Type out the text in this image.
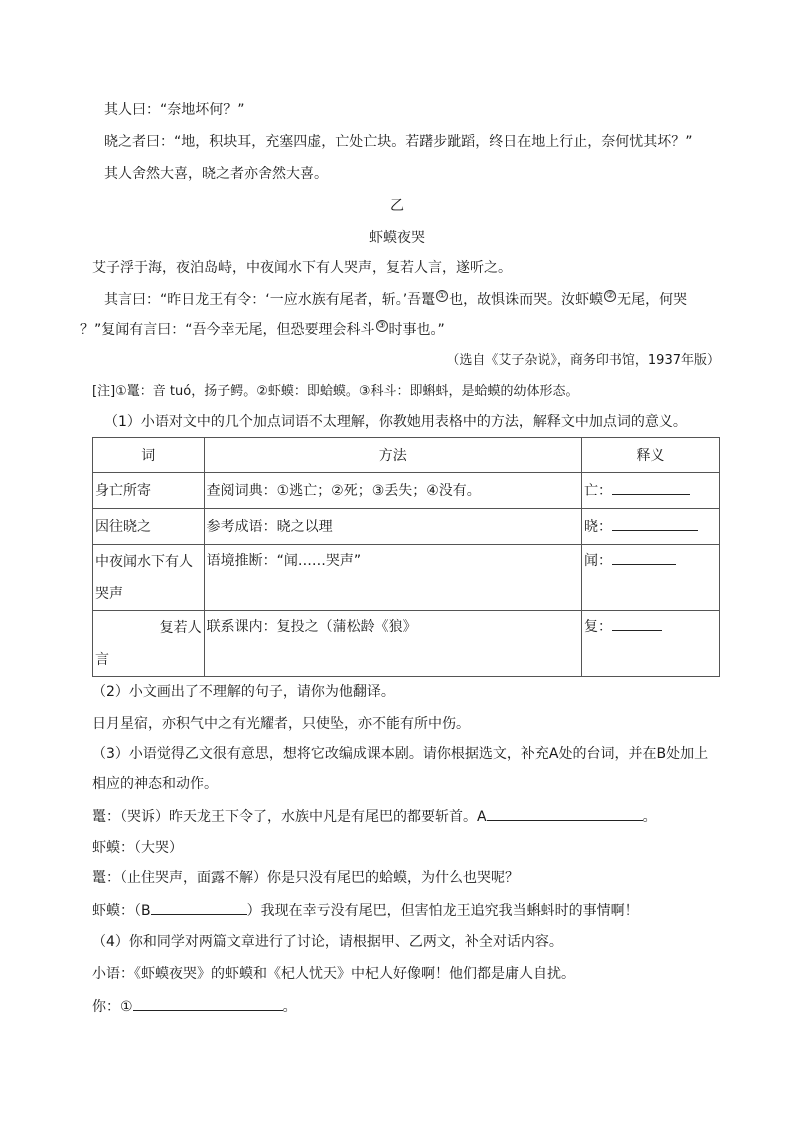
其人曰：“奈地坏何？”
晓之者曰：“地，积块耳，充塞四虚，亡处亡块。若躇步跐蹈，终日在地上行止，奈何忧其坏？”
其人舍然大喜，晓之者亦舍然大喜。
乙
虾蟆夜哭
艾子浮于海，夜泊岛峙，中夜闻水下有人哭声，复若人言，遂听之。
其言曰：“昨日龙王有令：‘一应水族有尾者，斩。’吾鼍 ① 也，故惧诛而哭。汝虾蟆 ② 无尾，何哭
？”复闻有言曰：“吾今幸无尾，但恐要理会科斗 ③ 时事也。”
（选自《艾子杂说》，商务印书馆，1937年版）
[注]①鼍：音 tuó，扬子鳄。②虾蟆：即蛤蟆。③科斗：即蝌蚪，是蛤蟆的幼体形态。
（1）小语对文中的几个加点词语不太理解，你教她用表格中的方法，解释文中加点词的意义。
词	方法	释义
身亡所寄	查阅词典：①逃亡；②死；③丢失；④没有。	亡：
因往晓之	参考成语：晓之以理	晓：

中夜闻水下有人
哭声	语境推断：“闻……哭声”	闻：

复若人
言	联系课内：复投之（蒲松龄《狼》	复：
（2）小文画出了不理解的句子，请你为他翻译。
日月星宿，亦积气中之有光耀者，只使坠，亦不能有所中伤。
（3）小语觉得乙文很有意思，想将它改编成课本剧。请你根据选文，补充A处的台词，并在B处加上
相应的神态和动作。
鼍：（哭诉）昨天龙王下令了，水族中凡是有尾巴的都要斩首。A	。
虾蟆：（大哭）
鼍：（止住哭声，面露不解）你是只没有尾巴的蛤蟆，为什么也哭呢？
虾蟆：（B	）我现在幸亏没有尾巴，但害怕龙王追究我当蝌蚪时的事情啊！
（4）你和同学对两篇文章进行了讨论，请根据甲、乙两文，补全对话内容。
小语：《虾蟆夜哭》的虾蟆和《杞人忧天》中杞人好像啊！他们都是庸人自扰。
你：①	。
